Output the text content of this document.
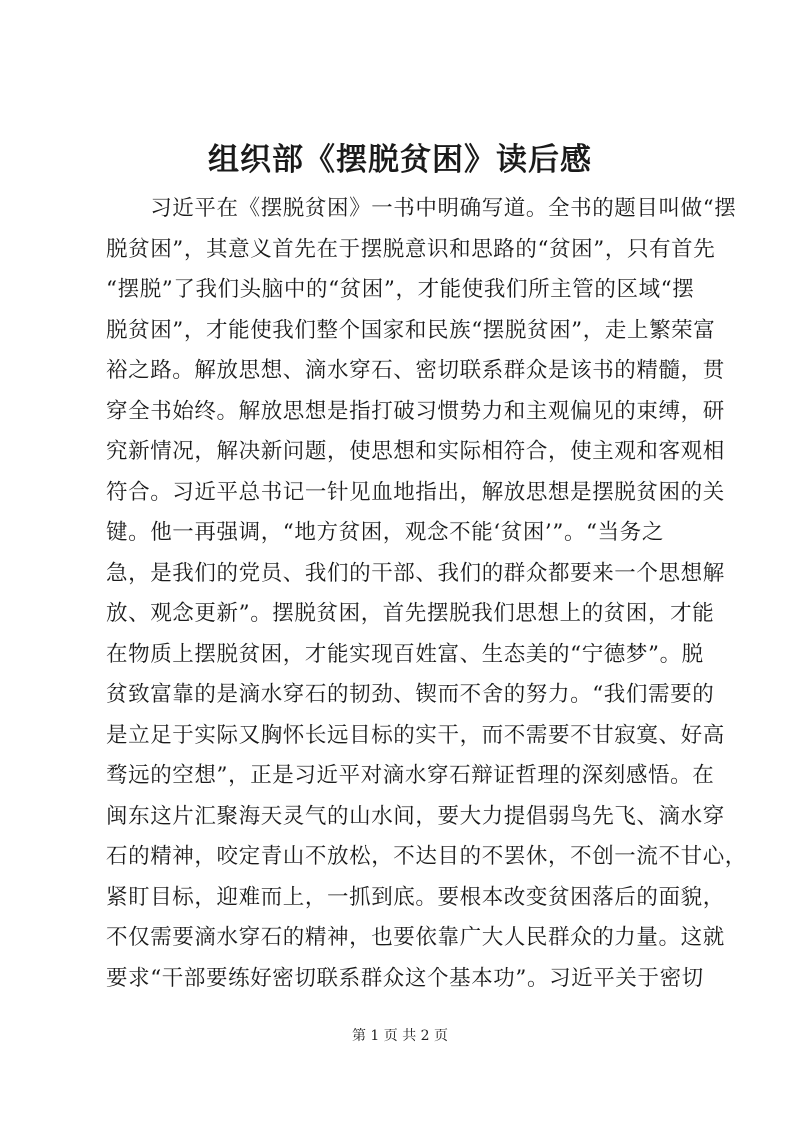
组织部《摆脱贫困》读后感
　　习近平在《摆脱贫困》一书中明确写道。全书的题目叫做“摆
脱贫困”，其意义首先在于摆脱意识和思路的“贫困”，只有首先
“摆脱”了我们头脑中的“贫困”，才能使我们所主管的区域“摆
脱贫困”，才能使我们整个国家和民族“摆脱贫困”，走上繁荣富
裕之路。解放思想、滴水穿石、密切联系群众是该书的精髓，贯
穿全书始终。解放思想是指打破习惯势力和主观偏见的束缚，研
究新情况，解决新问题，使思想和实际相符合，使主观和客观相
符合。习近平总书记一针见血地指出，解放思想是摆脱贫困的关
键。他一再强调，“地方贫困，观念不能‘贫困’”。“当务之
急，是我们的党员、我们的干部、我们的群众都要来一个思想解
放、观念更新”。摆脱贫困，首先摆脱我们思想上的贫困，才能
在物质上摆脱贫困，才能实现百姓富、生态美的“宁德梦”。脱
贫致富靠的是滴水穿石的韧劲、锲而不舍的努力。“我们需要的
是立足于实际又胸怀长远目标的实干，而不需要不甘寂寞、好高
骛远的空想”，正是习近平对滴水穿石辩证哲理的深刻感悟。在
闽东这片汇聚海天灵气的山水间，要大力提倡弱鸟先飞、滴水穿
石的精神，咬定青山不放松，不达目的不罢休，不创一流不甘心，
紧盯目标，迎难而上，一抓到底。要根本改变贫困落后的面貌，
不仅需要滴水穿石的精神，也要依靠广大人民群众的力量。这就
要求“干部要练好密切联系群众这个基本功”。习近平关于密切
第 1 页 共 2 页
